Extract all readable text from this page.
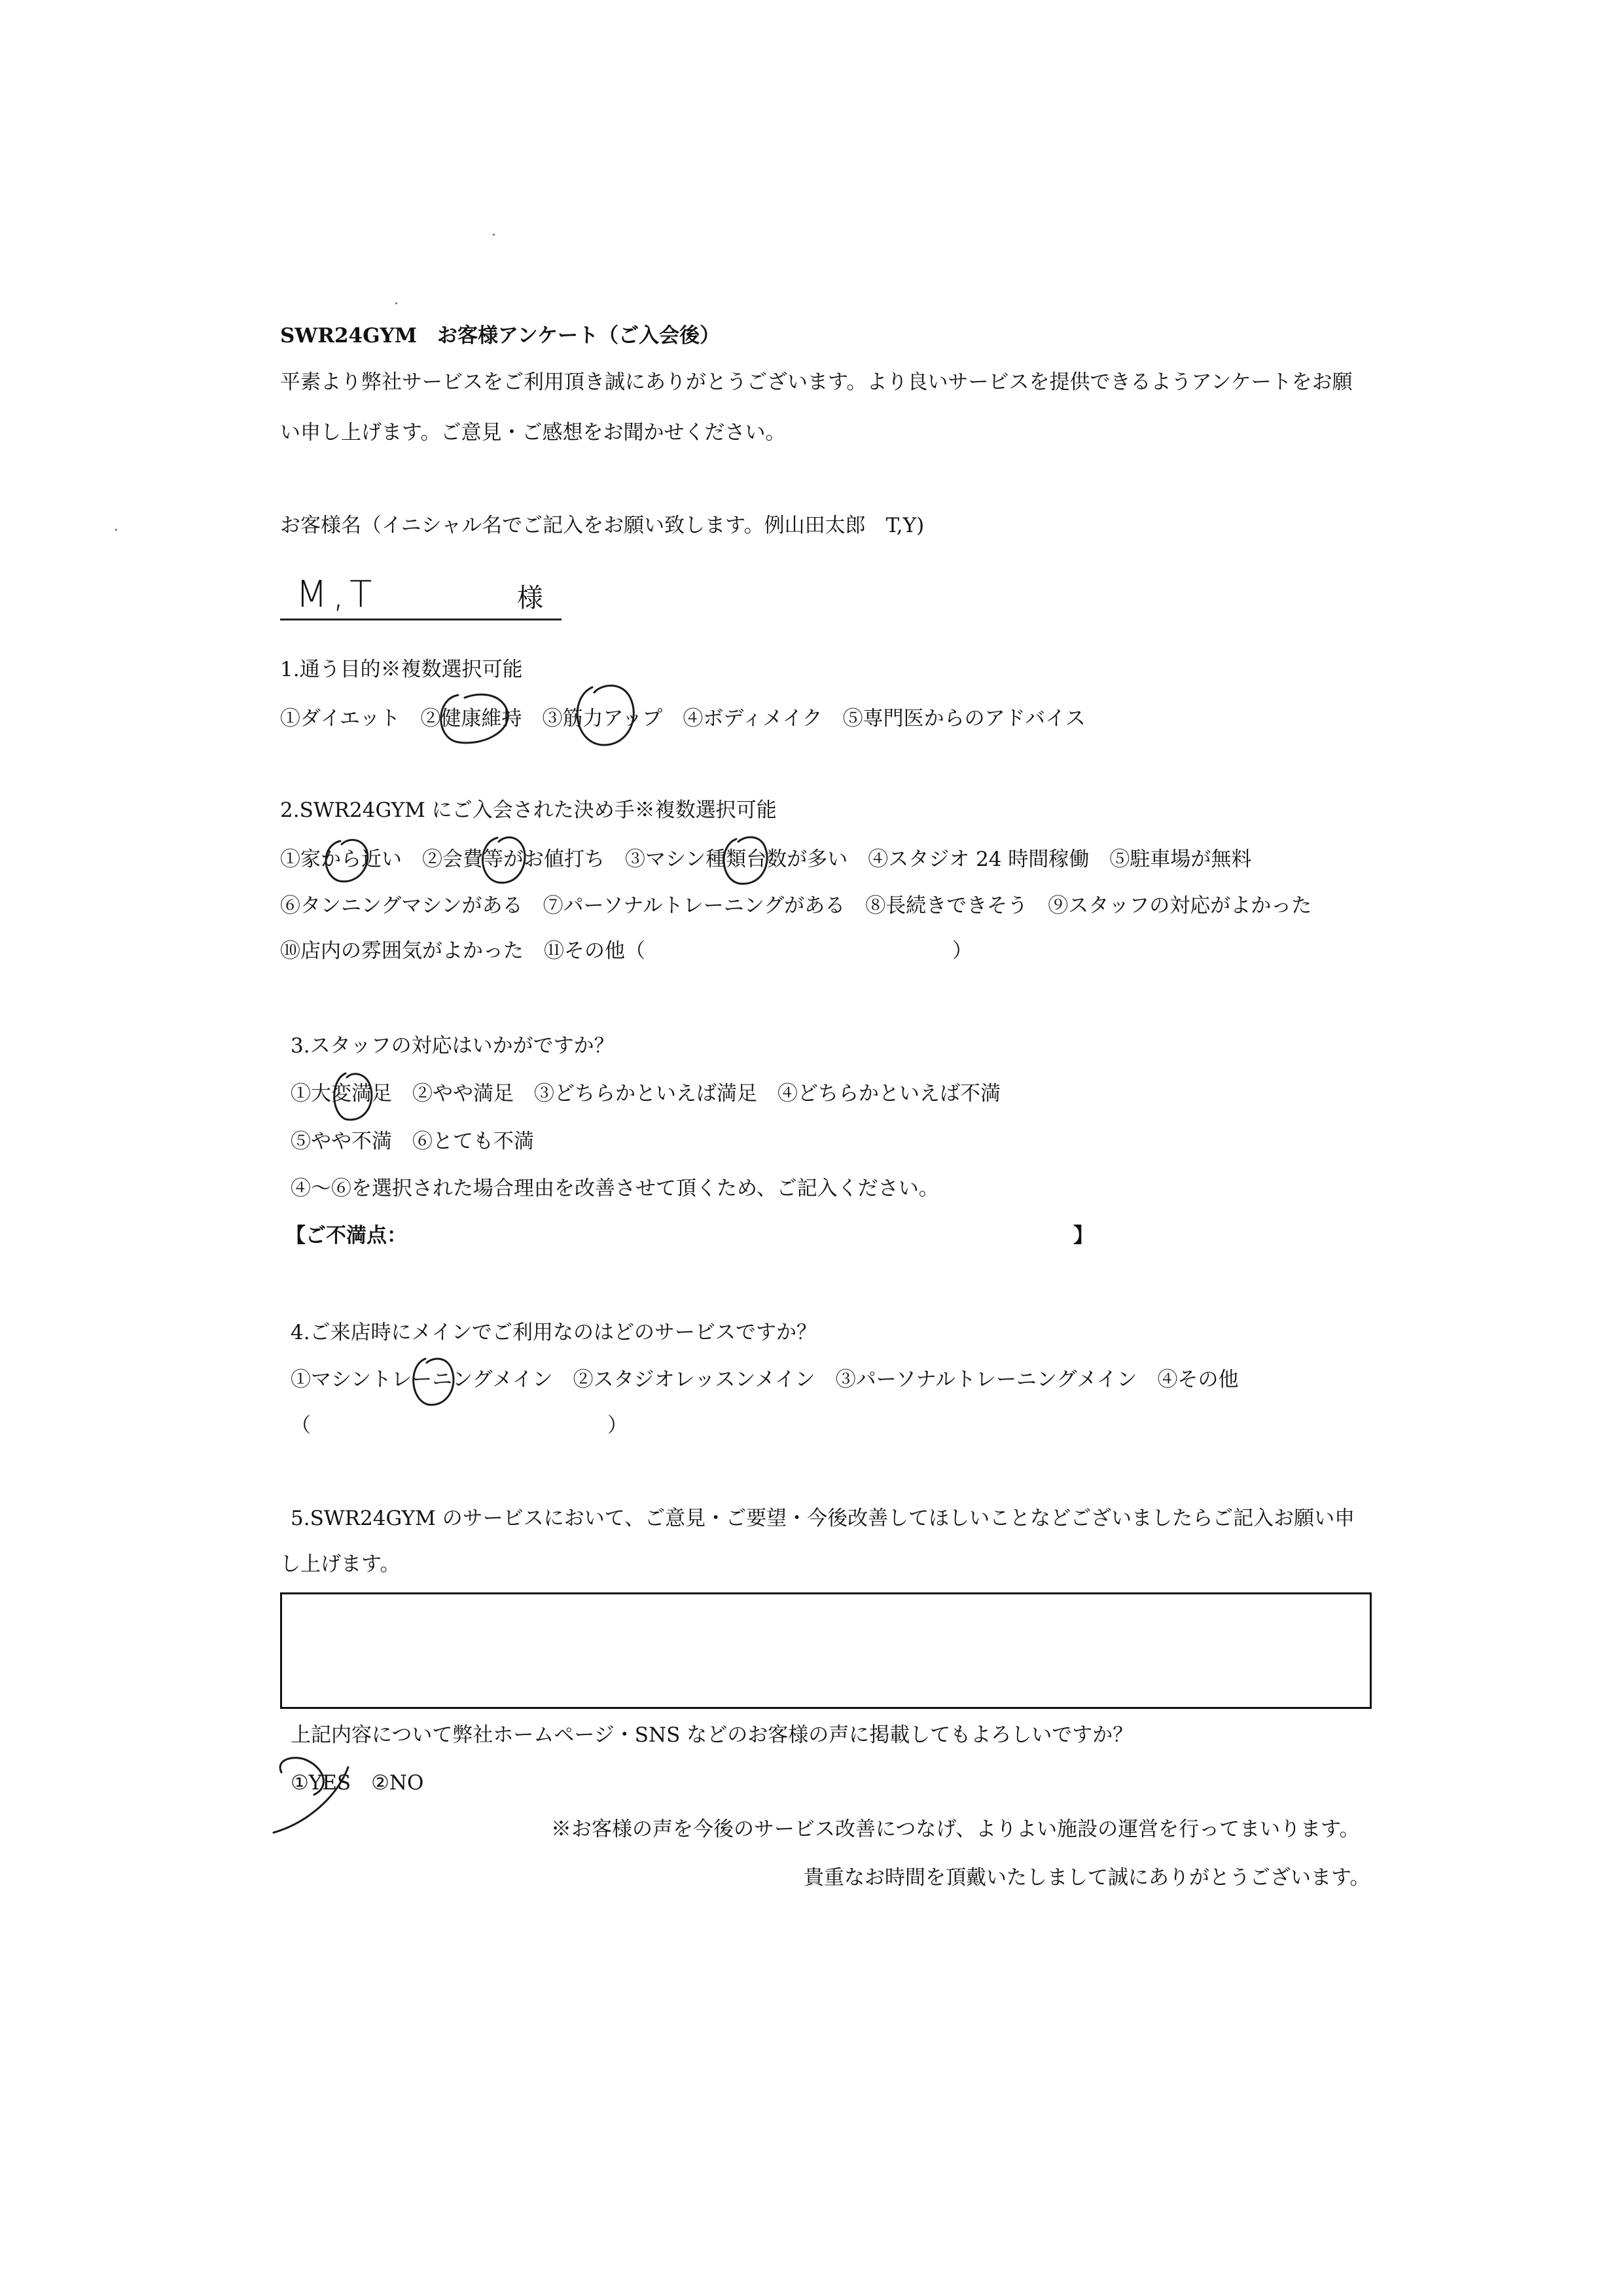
SWR24GYM　お客様アンケート（ご入会後）
平素より弊社サービスをご利用頂き誠にありがとうございます。より良いサービスを提供できるようアンケートをお願
い申し上げます。ご意見・ご感想をお聞かせください。
お客様名（イニシャル名でご記入をお願い致します。例山田太郎　T,Y)
M,T	様
1.通う目的※複数選択可能
①ダイエット　②健康維持　③筋力アップ　④ボディメイク　⑤専門医からのアドバイス
2.SWR24GYM にご入会された決め手※複数選択可能
①家から近い　②会費等がお値打ち　③マシン種類台数が多い　④スタジオ 24 時間稼働　⑤駐車場が無料
⑥タンニングマシンがある　⑦パーソナルトレーニングがある　⑧長続きできそう　⑨スタッフの対応がよかった
⑩店内の雰囲気がよかった　⑪その他（	）
3.スタッフの対応はいかがですか？
①大変満足　②やや満足　③どちらかといえば満足　④どちらかといえば不満
⑤やや不満　⑥とても不満
④～⑥を選択された場合理由を改善させて頂くため、ご記入ください。
【ご不満点：	】
4.ご来店時にメインでご利用なのはどのサービスですか？
①マシントレーニングメイン　②スタジオレッスンメイン　③パーソナルトレーニングメイン　④その他
（	）
5.SWR24GYM のサービスにおいて、ご意見・ご要望・今後改善してほしいことなどございましたらご記入お願い申
し上げます。
上記内容について弊社ホームページ・SNS などのお客様の声に掲載してもよろしいですか？
①YES　②NO
※お客様の声を今後のサービス改善につなげ、よりよい施設の運営を行ってまいります。
貴重なお時間を頂戴いたしまして誠にありがとうございます。
